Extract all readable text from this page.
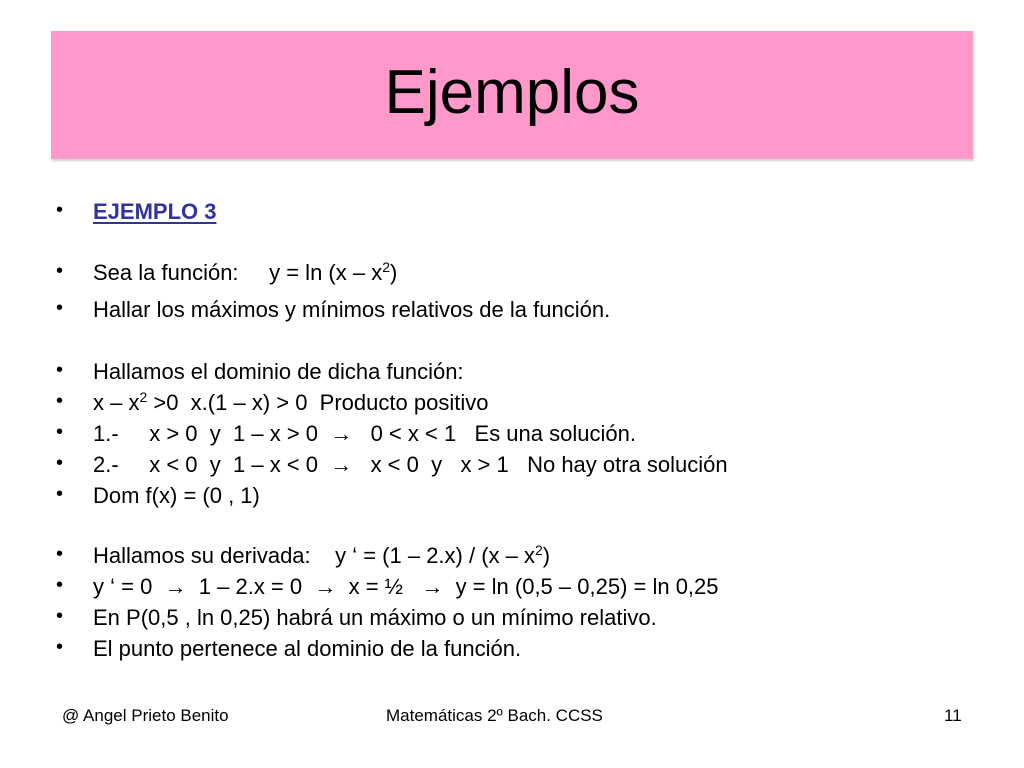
Ejemplos
• EJEMPLO 3
• Sea la función:     $y = \ln (x - x^2)$
• Hallar los máximos y mínimos relativos de la función.
• Hallamos el dominio de dicha función:
• $x - x^2 >0$  x.(1 – x) > 0  Producto positivo
• 1.-     x > 0  y  1 – x > 0  →   0 < x < 1   Es una solución.
• 2.-     x < 0  y  1 – x < 0  →   x < 0  y   x > 1   No hay otra solución
• Dom f(x) = (0 , 1)
• Hallamos su derivada:    y ‘ = $(1 - 2.x) / (x - x^2)$
• y ‘ = 0  →  1 – 2.x = 0  →  x = ½   →  y = ln (0,5 – 0,25) = ln 0,25
• En P(0,5 , ln 0,25) habrá un máximo o un mínimo relativo.
• El punto pertenece al dominio de la función.
@ Angel Prieto Benito	Matemáticas 2º Bach. CCSS	11
